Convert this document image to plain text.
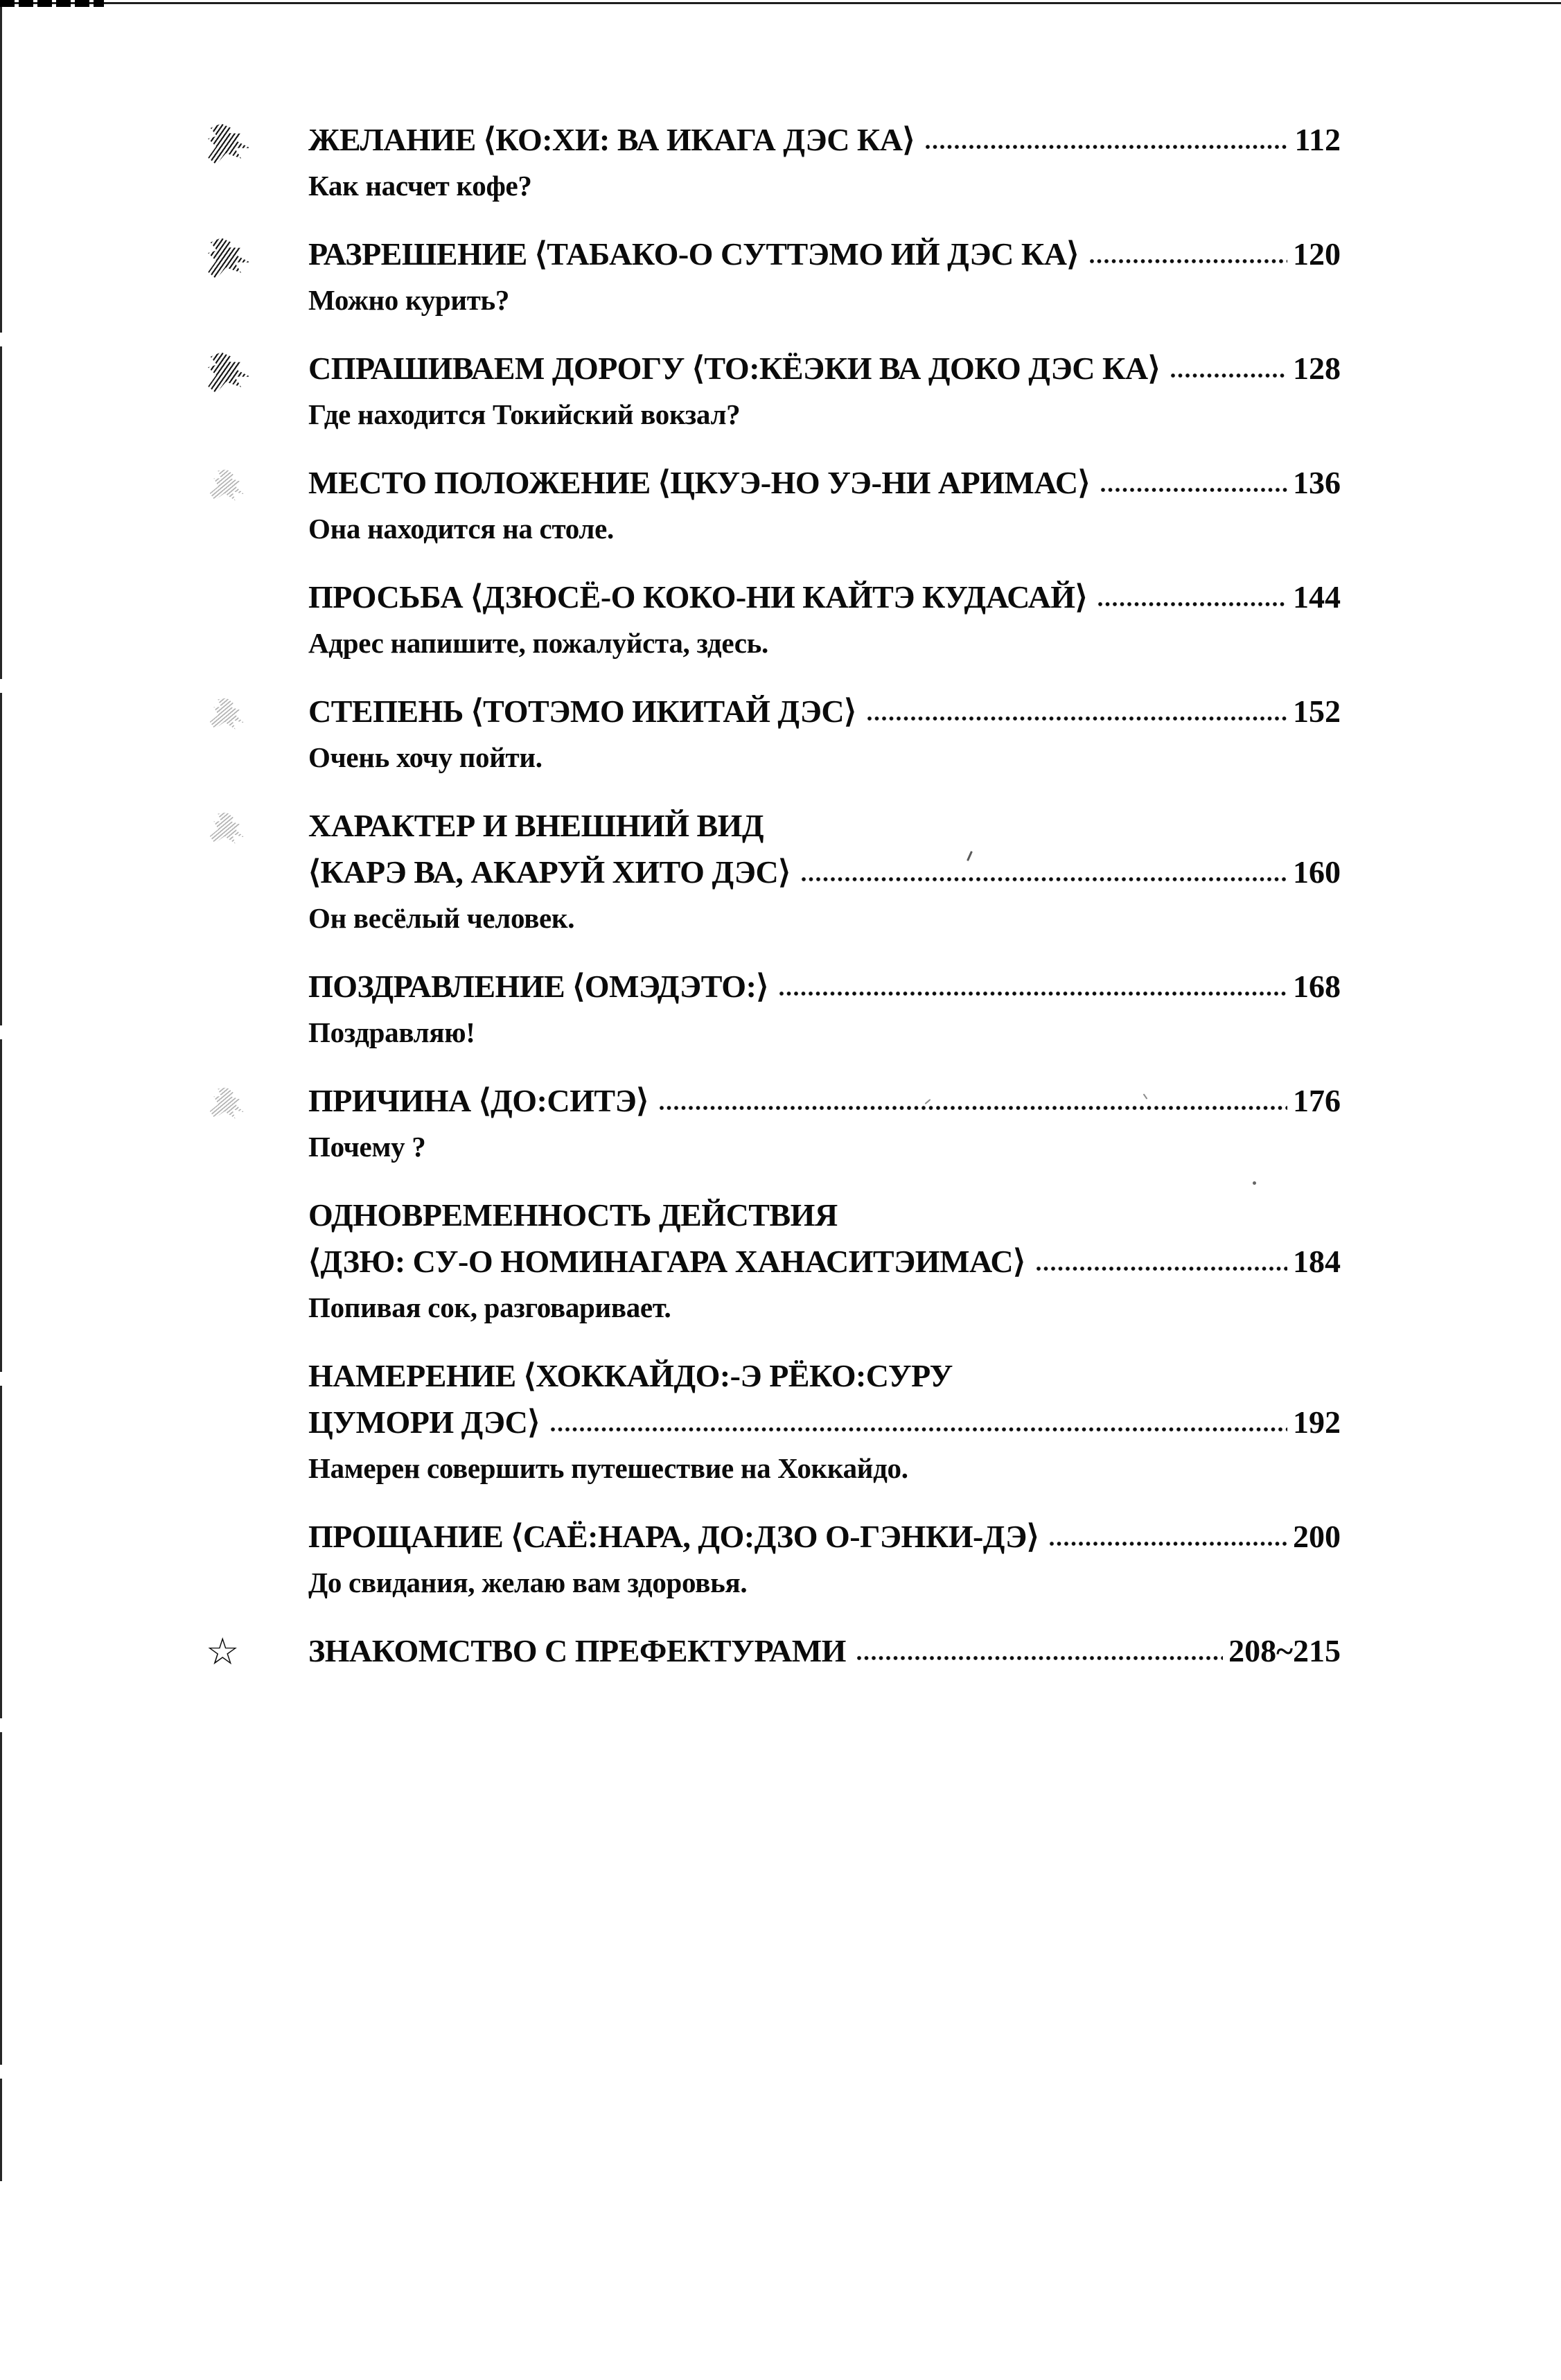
ЖЕЛАНИЕ ⟨КО:ХИ: ВА ИКАГА ДЭС КА⟩	112
Как насчет кофе?
РАЗРЕШЕНИЕ ⟨ТАБАКО-О СУТТЭМО ИЙ ДЭС КА⟩	120
Можно курить?
СПРАШИВАЕМ ДОРОГУ ⟨ТО:КЁЭКИ ВА ДОКО ДЭС КА⟩	128
Где находится Токийский вокзал?
МЕСТО ПОЛОЖЕНИЕ ⟨ЦКУЭ-НО УЭ-НИ АРИМАС⟩	136
Она находится на столе.
ПРОСЬБА ⟨ДЗЮСЁ-О КОКО-НИ КАЙТЭ КУДАСАЙ⟩	144
Адрес напишите, пожалуйста, здесь.
СТЕПЕНЬ ⟨ТОТЭМО ИКИТАЙ ДЭС⟩	152
Очень хочу пойти.
ХАРАКТЕР И ВНЕШНИЙ ВИД
⟨КАРЭ ВА, АКАРУЙ ХИТО ДЭС⟩	160
Он весёлый человек.
ПОЗДРАВЛЕНИЕ ⟨ОМЭДЭТО:⟩	168
Поздравляю!
ПРИЧИНА ⟨ДО:СИТЭ⟩	176
Почему ?
ОДНОВРЕМЕННОСТЬ ДЕЙСТВИЯ
⟨ДЗЮ: СУ-О НОМИНАГАРА ХАНАСИТЭИМАС⟩	184
Попивая сок, разговаривает.
НАМЕРЕНИЕ ⟨ХОККАЙДО:-Э РЁКО:СУРУ
ЦУМОРИ ДЭС⟩	192
Намерен совершить путешествие на Хоккайдо.
ПРОЩАНИЕ ⟨САЁ:НАРА, ДО:ДЗО О-ГЭНКИ-ДЭ⟩	200
До свидания, желаю вам здоровья.
☆ ЗНАКОМСТВО С ПРЕФЕКТУРАМИ	208~215
